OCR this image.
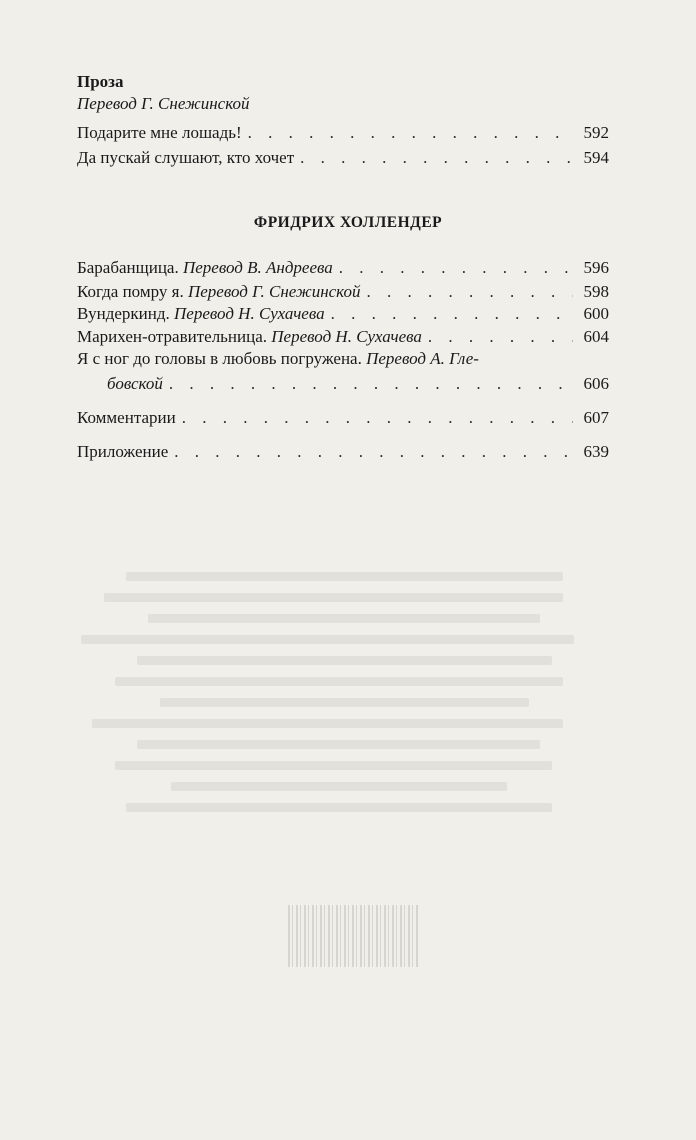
Проза
Перевод Г. Снежинской
Подарите мне лошадь! . . .	592
Да пускай слушают, кто хочет . . .	594
ФРИДРИХ ХОЛЛЕНДЕР
Барабанщица. Перевод В. Андреева . . .	596
Когда помру я. Перевод Г. Снежинской . . .	598
Вундеркинд. Перевод Н. Сухачева . . .	600
Марихен-отравительница. Перевод Н. Сухачева . . .	604
Я с ног до головы в любовь погружена. Перевод А. Гле-
бовской . . .	606
Комментарии . . .	607
Приложение . . .	639
